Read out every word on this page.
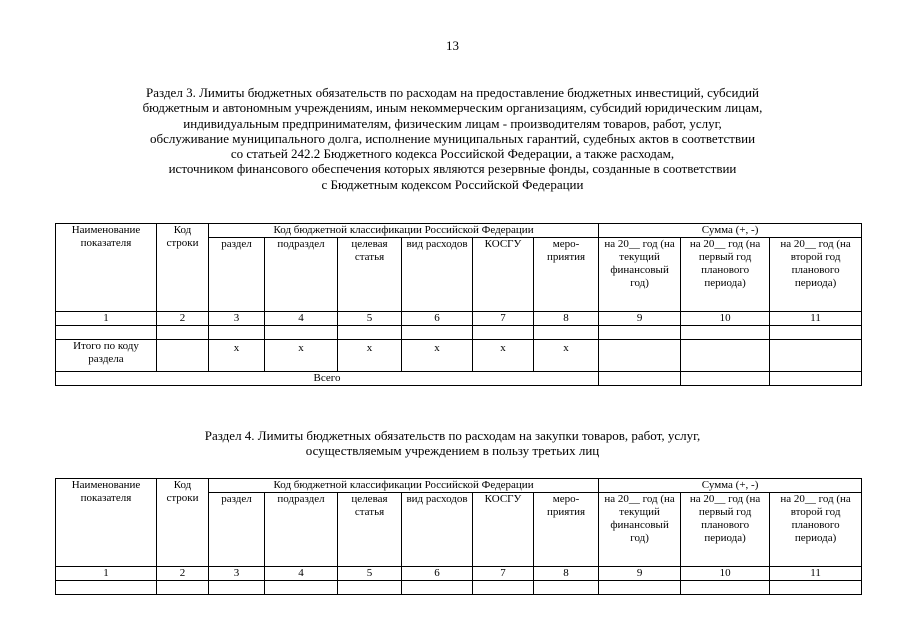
13
Раздел 3. Лимиты бюджетных обязательств по расходам на предоставление бюджетных инвестиций, субсидий
бюджетным и автономным учреждениям, иным некоммерческим организациям, субсидий юридическим лицам,
индивидуальным предпринимателям, физическим лицам - производителям товаров, работ, услуг,
обслуживание муниципального долга, исполнение муниципальных гарантий, судебных актов в соответствии
со статьей 242.2 Бюджетного кодекса Российской Федерации, а также расходам,
источником финансового обеспечения которых являются резервные фонды, созданные в соответствии
с Бюджетным кодексом Российской Федерации
Наименование показателя	Код строки	Код бюджетной классификации Российской Федерации						Сумма (+, -)		
		раздел	подраздел	целевая статья	вид расходов	КОСГУ	меро-приятия	на 20__ год (на текущий финансовый год)	на 20__ год (на первый год планового периода)	на 20__ год (на второй год планового периода)
1	2	3	4	5	6	7	8	9	10	11

Итого по коду раздела		х	х	х	х	х	х			
Всего										
Раздел 4. Лимиты бюджетных обязательств по расходам на закупки товаров, работ, услуг,
осуществляемым учреждением в пользу третьих лиц
Наименование показателя	Код строки	Код бюджетной классификации Российской Федерации						Сумма (+, -)		
		раздел	подраздел	целевая статья	вид расходов	КОСГУ	меро-приятия	на 20__ год (на текущий финансовый год)	на 20__ год (на первый год планового периода)	на 20__ год (на второй год планового периода)
1	2	3	4	5	6	7	8	9	10	11
